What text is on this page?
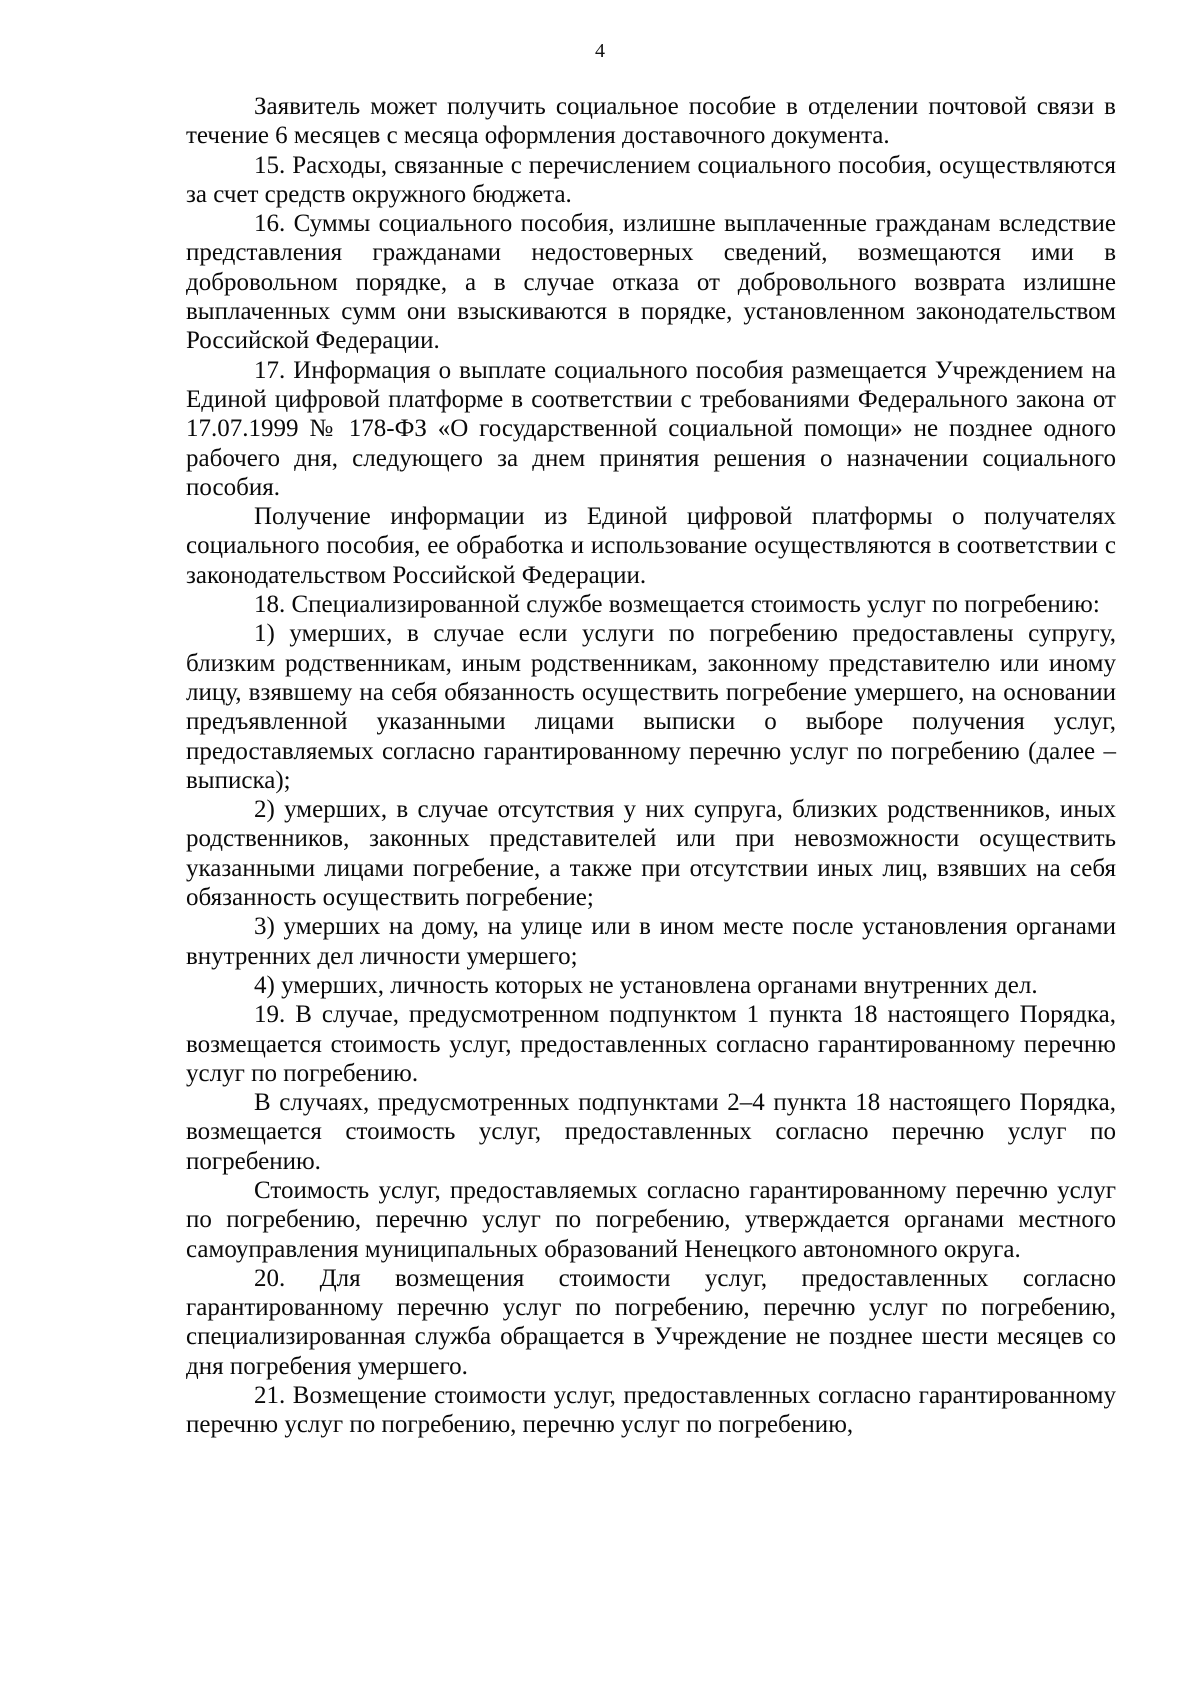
4

Заявитель может получить социальное пособие в отделении почтовой связи в течение 6 месяцев с месяца оформления доставочного документа.

15. Расходы, связанные с перечислением социального пособия, осуществляются за счет средств окружного бюджета.

16. Суммы социального пособия, излишне выплаченные гражданам вследствие представления гражданами недостоверных сведений, возмещаются ими в добровольном порядке, а в случае отказа от добровольного возврата излишне выплаченных сумм они взыскиваются в порядке, установленном законодательством Российской Федерации.

17. Информация о выплате социального пособия размещается Учреждением на Единой цифровой платформе в соответствии с требованиями Федерального закона от 17.07.1999 № 178-ФЗ «О государственной социальной помощи» не позднее одного рабочего дня, следующего за днем принятия решения о назначении социального пособия.

Получение информации из Единой цифровой платформы о получателях социального пособия, ее обработка и использование осуществляются в соответствии с законодательством Российской Федерации.

18. Специализированной службе возмещается стоимость услуг по погребению:

1) умерших, в случае если услуги по погребению предоставлены супругу, близким родственникам, иным родственникам, законному представителю или иному лицу, взявшему на себя обязанность осуществить погребение умершего, на основании предъявленной указанными лицами выписки о выборе получения услуг, предоставляемых согласно гарантированному перечню услуг по погребению (далее – выписка);

2) умерших, в случае отсутствия у них супруга, близких родственников, иных родственников, законных представителей или при невозможности осуществить указанными лицами погребение, а также при отсутствии иных лиц, взявших на себя обязанность осуществить погребение;

3) умерших на дому, на улице или в ином месте после установления органами внутренних дел личности умершего;

4) умерших, личность которых не установлена органами внутренних дел.

19. В случае, предусмотренном подпунктом 1 пункта 18 настоящего Порядка, возмещается стоимость услуг, предоставленных согласно гарантированному перечню услуг по погребению.

В случаях, предусмотренных подпунктами 2–4 пункта 18 настоящего Порядка, возмещается стоимость услуг, предоставленных согласно перечню услуг по погребению.

Стоимость услуг, предоставляемых согласно гарантированному перечню услуг по погребению, перечню услуг по погребению, утверждается органами местного самоуправления муниципальных образований Ненецкого автономного округа.

20. Для возмещения стоимости услуг, предоставленных согласно гарантированному перечню услуг по погребению, перечню услуг по погребению, специализированная служба обращается в Учреждение не позднее шести месяцев со дня погребения умершего.

21. Возмещение стоимости услуг, предоставленных согласно гарантированному перечню услуг по погребению, перечню услуг по погребению,
